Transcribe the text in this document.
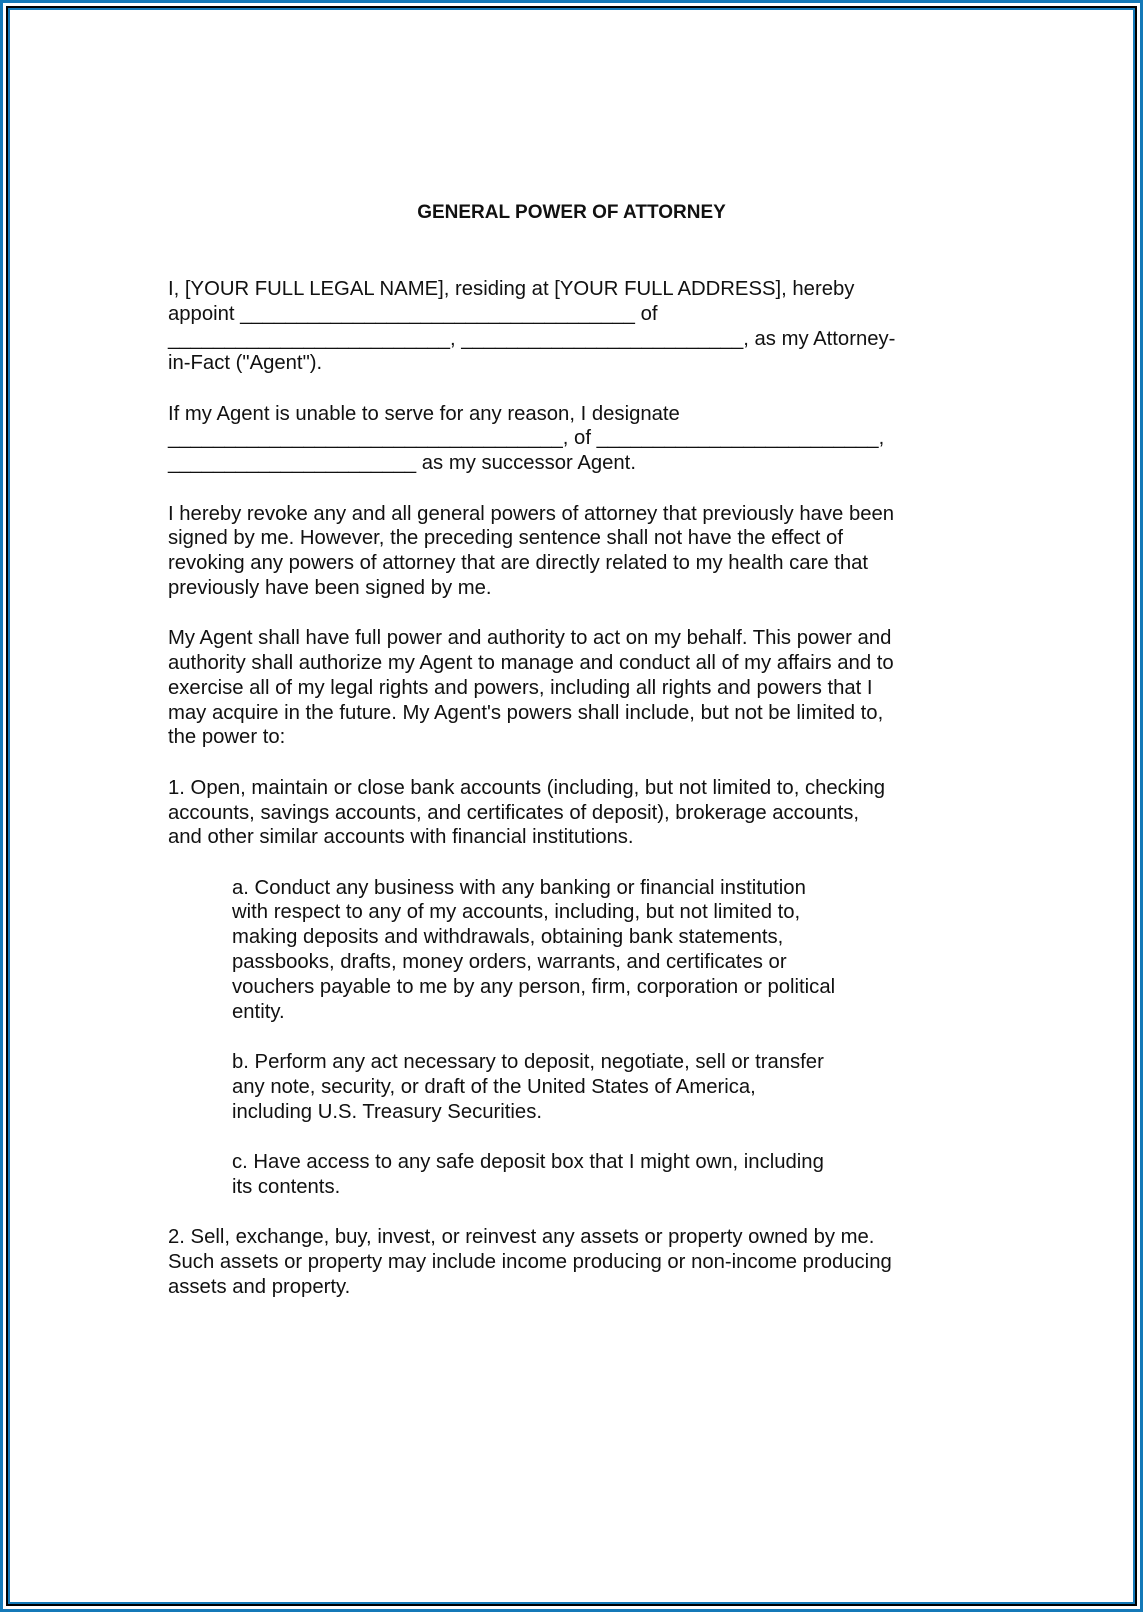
GENERAL POWER OF ATTORNEY
I, [YOUR FULL LEGAL NAME], residing at [YOUR FULL ADDRESS], hereby
appoint ___________________________________ of
_________________________, _________________________, as my Attorney-
in-Fact ("Agent").
If my Agent is unable to serve for any reason, I designate
___________________________________, of _________________________,
______________________ as my successor Agent.
I hereby revoke any and all general powers of attorney that previously have been
signed by me. However, the preceding sentence shall not have the effect of
revoking any powers of attorney that are directly related to my health care that
previously have been signed by me.
My Agent shall have full power and authority to act on my behalf. This power and
authority shall authorize my Agent to manage and conduct all of my affairs and to
exercise all of my legal rights and powers, including all rights and powers that I
may acquire in the future. My Agent's powers shall include, but not be limited to,
the power to:
1. Open, maintain or close bank accounts (including, but not limited to, checking
accounts, savings accounts, and certificates of deposit), brokerage accounts,
and other similar accounts with financial institutions.
a. Conduct any business with any banking or financial institution
with respect to any of my accounts, including, but not limited to,
making deposits and withdrawals, obtaining bank statements,
passbooks, drafts, money orders, warrants, and certificates or
vouchers payable to me by any person, firm, corporation or political
entity.
b. Perform any act necessary to deposit, negotiate, sell or transfer
any note, security, or draft of the United States of America,
including U.S. Treasury Securities.
c. Have access to any safe deposit box that I might own, including
its contents.
2. Sell, exchange, buy, invest, or reinvest any assets or property owned by me.
Such assets or property may include income producing or non-income producing
assets and property.
